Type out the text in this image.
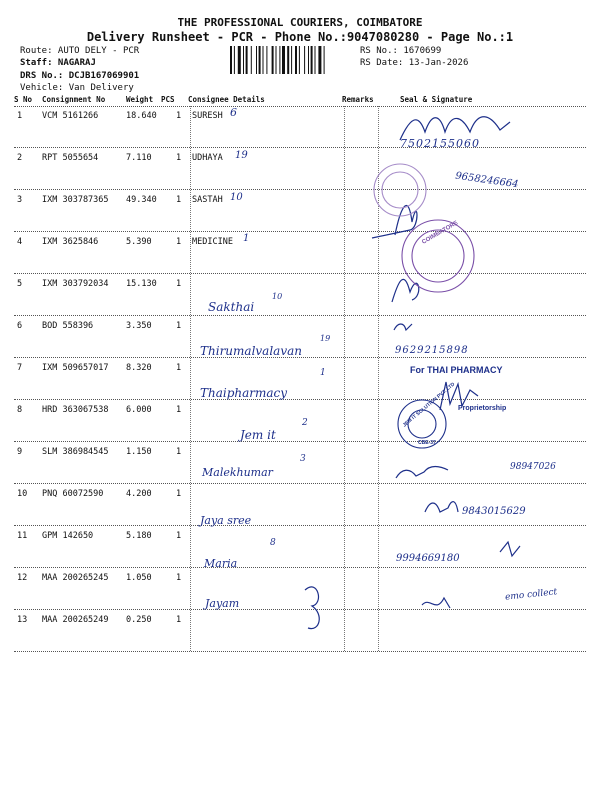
THE PROFESSIONAL COURIERS, COIMBATORE
Delivery Runsheet - PCR - Phone No.:9047080280 - Page No.:1
Route: AUTO DELY - PCR
Staff: NAGARAJ
DRS No.: DCJB167069901
Vehicle: Van Delivery
RS No.: 1670699
RS Date: 13-Jan-2026
S No Consignment No	Weight PCS Consignee Details	Remarks	Seal & Signature
1 VCM 5161266	18.640 1 SURESH
2 RPT 5055654	7.110	1 UDHAYA
3 IXM 303787365 49.340 1 SASTAH
4 IXM 3625846	5.390	1 MEDICINE
5 IXM 303792034 15.130 1
6 BOD 558396	3.350	1
7 IXM 509657017 8.320	1
8 HRD 363067538 6.000	1
9 SLM 386984545 1.150	1
10 PNQ 60072590	4.200	1
11 GPM 142650	5.180	1
12 MAA 200265245 1.050	1
13 MAA 200265249 0.250	1
6
19
10
1
Sakthai
10
Thirumalvalavan
19
Thaipharmacy
1
Jem it
2
Malekhumar
3
Jaya sree
Maria
8
Jayam
7502155060
9658246664
9629215898
98947026
9843015629
9994669180
emo collect
For THAI PHARMACY
Proprietorship
COIMBATORE
JEM IT SOLUTION PVT. LTD
CBE-37
